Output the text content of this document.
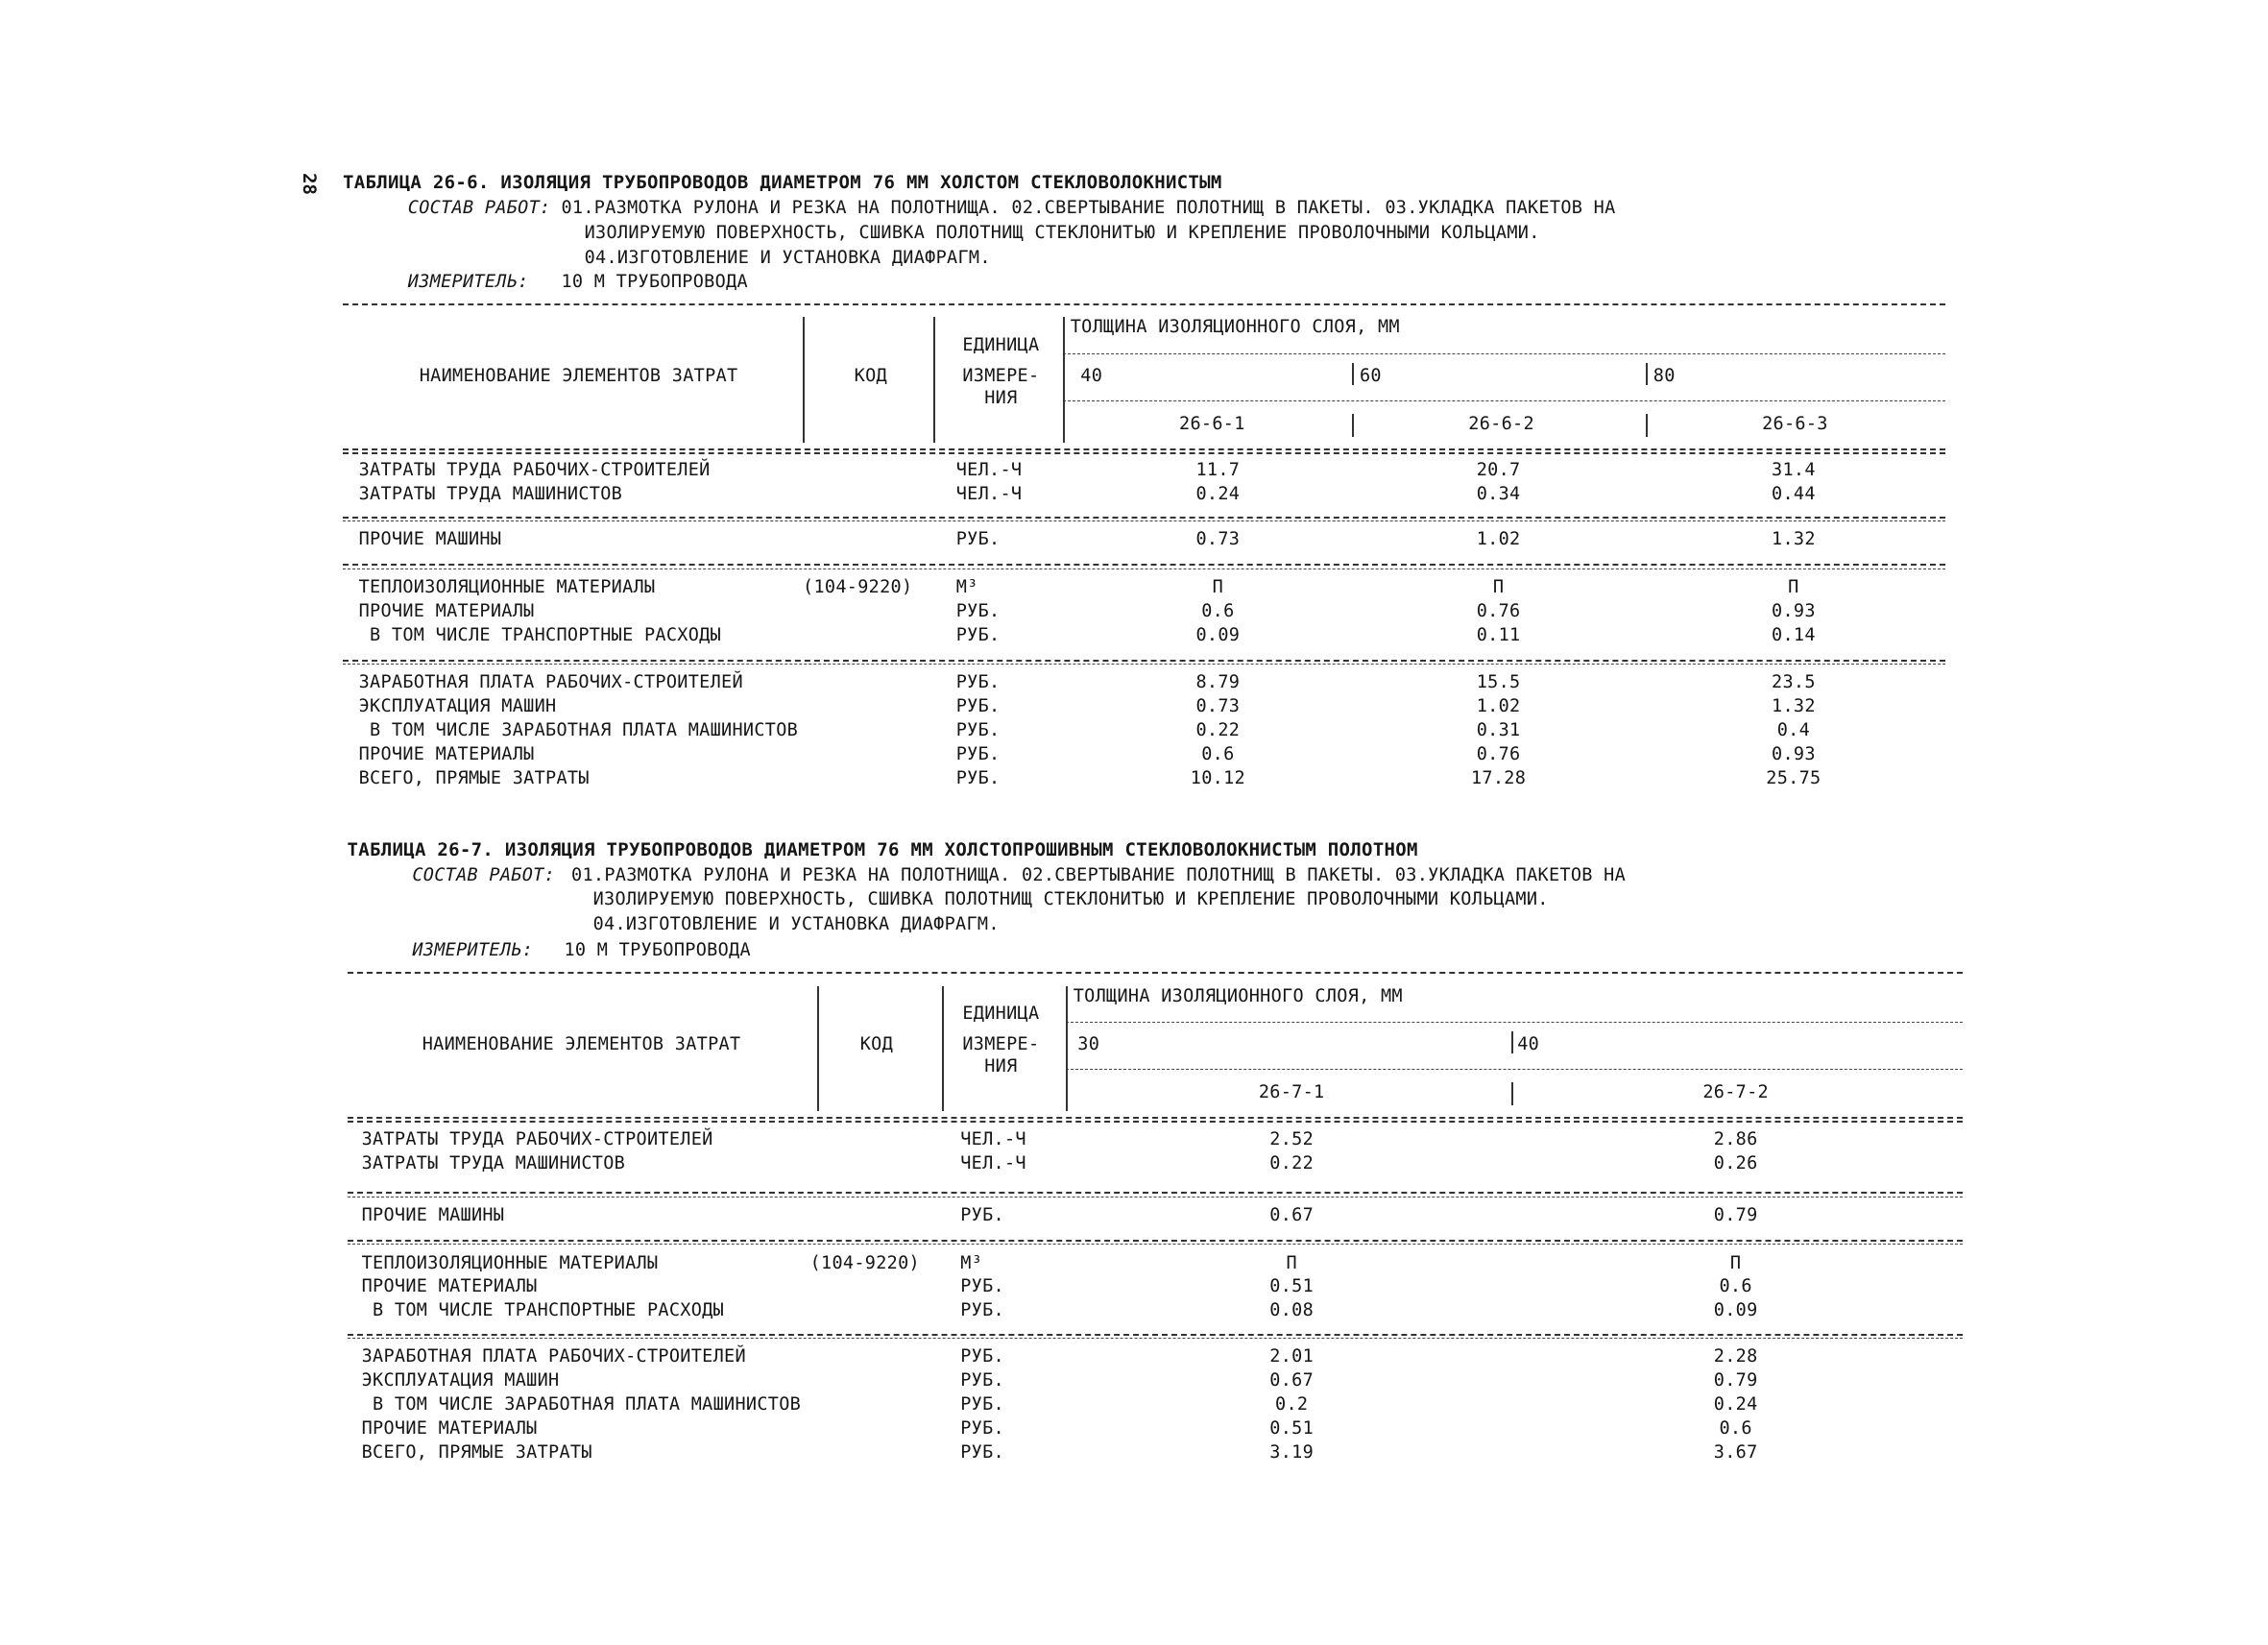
28 ТАБЛИЦА 26-6. ИЗОЛЯЦИЯ ТРУБОПРОВОДОВ ДИАМЕТРОМ 76 ММ ХОЛСТОМ СТЕКЛОВОЛОКНИСТЫМ
СОСТАВ РАБОТ: 01.РАЗМОТКА РУЛОНА И РЕЗКА НА ПОЛОТНИЩА. 02.СВЕРТЫВАНИЕ ПОЛОТНИЩ В ПАКЕТЫ. 03.УКЛАДКА ПАКЕТОВ НА
ИЗОЛИРУЕМУЮ ПОВЕРХНОСТЬ, СШИВКА ПОЛОТНИЩ СТЕКЛОНИТЬЮ И КРЕПЛЕНИЕ ПРОВОЛОЧНЫМИ КОЛЬЦАМИ.
04.ИЗГОТОВЛЕНИЕ И УСТАНОВКА ДИАФРАГМ.
ИЗМЕРИТЕЛЬ: 10 М ТРУБОПРОВОДА
НАИМЕНОВАНИЕ ЭЛЕМЕНТОВ ЗАТРАТ	КОД
ЕДИНИЦА
ИЗМЕРЕ-
НИЯ
ТОЛЩИНА ИЗОЛЯЦИОННОГО СЛОЯ, ММ
40	60	80
26-6-1	26-6-2	26-6-3
ЗАТРАТЫ ТРУДА РАБОЧИХ-СТРОИТЕЛЕЙ	ЧЕЛ.-Ч	11.7	20.7	31.4
ЗАТРАТЫ ТРУДА МАШИНИСТОВ	ЧЕЛ.-Ч	0.24	0.34	0.44
ПРОЧИЕ МАШИНЫ	РУБ.	0.73	1.02	1.32
ТЕПЛОИЗОЛЯЦИОННЫЕ МАТЕРИАЛЫ	(104-9220) М³	П	П	П
ПРОЧИЕ МАТЕРИАЛЫ	РУБ.	0.6	0.76	0.93
В ТОМ ЧИСЛЕ ТРАНСПОРТНЫЕ РАСХОДЫ	РУБ.	0.09	0.11	0.14
ЗАРАБОТНАЯ ПЛАТА РАБОЧИХ-СТРОИТЕЛЕЙ	РУБ.	8.79	15.5	23.5
ЭКСПЛУАТАЦИЯ МАШИН	РУБ.	0.73	1.02	1.32
В ТОМ ЧИСЛЕ ЗАРАБОТНАЯ ПЛАТА МАШИНИСТОВ	РУБ.	0.22	0.31	0.4
ПРОЧИЕ МАТЕРИАЛЫ	РУБ.	0.6	0.76	0.93
ВСЕГО, ПРЯМЫЕ ЗАТРАТЫ	РУБ.	10.12	17.28	25.75
ТАБЛИЦА 26-7. ИЗОЛЯЦИЯ ТРУБОПРОВОДОВ ДИАМЕТРОМ 76 ММ ХОЛСТОПРОШИВНЫМ СТЕКЛОВОЛОКНИСТЫМ ПОЛОТНОМ
СОСТАВ РАБОТ: 01.РАЗМОТКА РУЛОНА И РЕЗКА НА ПОЛОТНИЩА. 02.СВЕРТЫВАНИЕ ПОЛОТНИЩ В ПАКЕТЫ. 03.УКЛАДКА ПАКЕТОВ НА
ИЗОЛИРУЕМУЮ ПОВЕРХНОСТЬ, СШИВКА ПОЛОТНИЩ СТЕКЛОНИТЬЮ И КРЕПЛЕНИЕ ПРОВОЛОЧНЫМИ КОЛЬЦАМИ.
04.ИЗГОТОВЛЕНИЕ И УСТАНОВКА ДИАФРАГМ.
ИЗМЕРИТЕЛЬ: 10 М ТРУБОПРОВОДА
НАИМЕНОВАНИЕ ЭЛЕМЕНТОВ ЗАТРАТ	КОД
ЕДИНИЦА
ИЗМЕРЕ-
НИЯ
ТОЛЩИНА ИЗОЛЯЦИОННОГО СЛОЯ, ММ
30	40
26-7-1	26-7-2
ЗАТРАТЫ ТРУДА РАБОЧИХ-СТРОИТЕЛЕЙ	ЧЕЛ.-Ч	2.52	2.86
ЗАТРАТЫ ТРУДА МАШИНИСТОВ	ЧЕЛ.-Ч	0.22	0.26
ПРОЧИЕ МАШИНЫ	РУБ.	0.67	0.79
ТЕПЛОИЗОЛЯЦИОННЫЕ МАТЕРИАЛЫ	(104-9220) М³	П	П
ПРОЧИЕ МАТЕРИАЛЫ	РУБ.	0.51	0.6
В ТОМ ЧИСЛЕ ТРАНСПОРТНЫЕ РАСХОДЫ	РУБ.	0.08	0.09
ЗАРАБОТНАЯ ПЛАТА РАБОЧИХ-СТРОИТЕЛЕЙ	РУБ.	2.01	2.28
ЭКСПЛУАТАЦИЯ МАШИН	РУБ.	0.67	0.79
В ТОМ ЧИСЛЕ ЗАРАБОТНАЯ ПЛАТА МАШИНИСТОВ	РУБ.	0.2	0.24
ПРОЧИЕ МАТЕРИАЛЫ	РУБ.	0.51	0.6
ВСЕГО, ПРЯМЫЕ ЗАТРАТЫ	РУБ.	3.19	3.67
